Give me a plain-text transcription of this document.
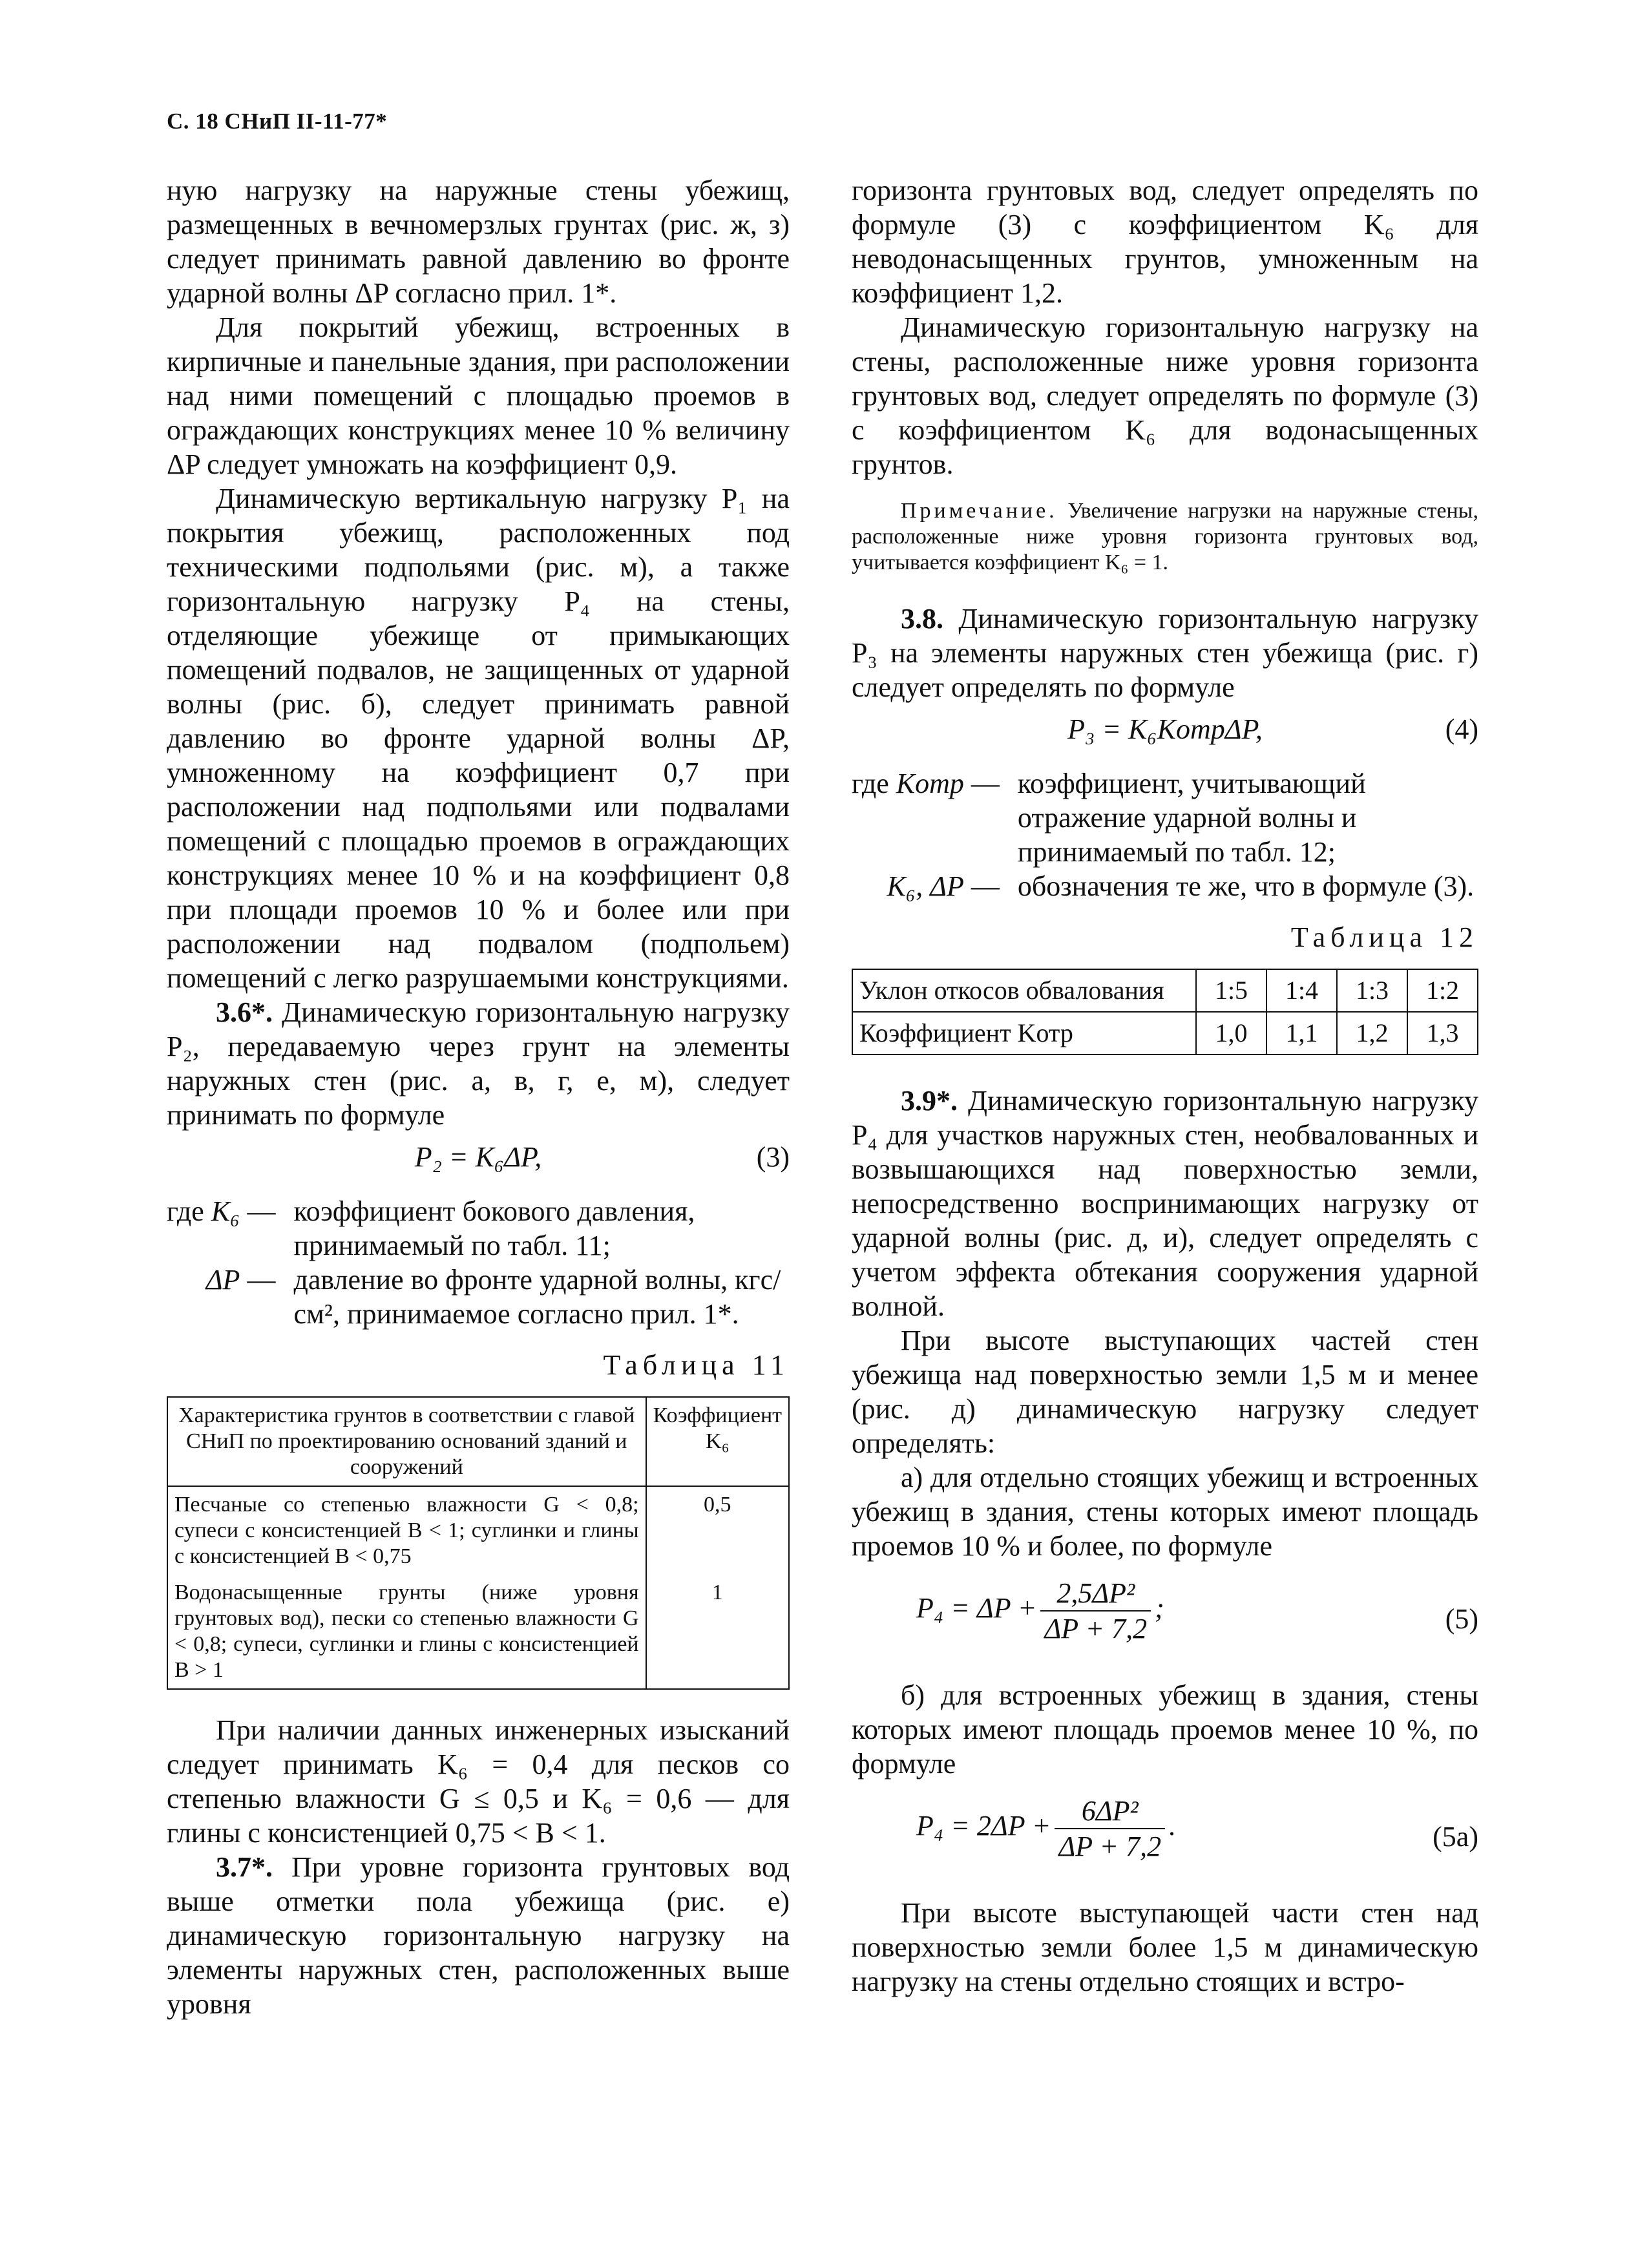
С. 18 СНиП II-11-77*

ную нагрузку на наружные стены убежищ, размещенных в вечномерзлых грунтах (рис. ж, з) следует принимать равной давлению во фронте ударной волны ΔP согласно прил. 1*.

Для покрытий убежищ, встроенных в кирпичные и панельные здания, при расположении над ними помещений с площадью проемов в ограждающих конструкциях менее 10 % величину ΔP следует умножать на коэффициент 0,9.

Динамическую вертикальную нагрузку P₁ на покрытия убежищ, расположенных под техническими подпольями (рис. м), а также горизонтальную нагрузку P₄ на стены, отделяющие убежище от примыкающих помещений подвалов, не защищенных от ударной волны (рис. б), следует принимать равной давлению во фронте ударной волны ΔP, умноженному на коэффициент 0,7 при расположении над подпольями или подвалами помещений с площадью проемов в ограждающих конструкциях менее 10 % и на коэффициент 0,8 при площади проемов 10 % и более или при расположении над подвалом (подпольем) помещений с легко разрушаемыми конструкциями.

3.6*. Динамическую горизонтальную нагрузку P₂, передаваемую через грунт на элементы наружных стен (рис. а, в, г, е, м), следует принимать по формуле

P₂ = K₆ΔP,	(3)
где K₆ — коэффициент бокового давления, принимаемый по табл. 11;
ΔP — давление во фронте ударной волны, кгс/см², принимаемое согласно прил. 1*.
Таблица 11
Характеристика грунтов в соответствии с главой СНиП по проектированию оснований зданий и сооружений	Коэффициент K₆
Песчаные со степенью влажности G < 0,8; супеси с консистенцией B < 1; суглинки и глины с консистенцией B < 0,75	0,5
Водонасыщенные грунты (ниже уровня грунтовых вод), пески со степенью влажности G < 0,8; супеси, суглинки и глины с консистенцией B > 1	1

При наличии данных инженерных изысканий следует принимать K₆ = 0,4 для песков со степенью влажности G ≤ 0,5 и K₆ = 0,6 — для глины с консистенцией 0,75 < B < 1.

3.7*. При уровне горизонта грунтовых вод выше отметки пола убежища (рис. е) динамическую горизонтальную нагрузку на элементы наружных стен, расположенных выше уровня

горизонта грунтовых вод, следует определять по формуле (3) с коэффициентом K₆ для неводонасыщенных грунтов, умноженным на коэффициент 1,2.

Динамическую горизонтальную нагрузку на стены, расположенные ниже уровня горизонта грунтовых вод, следует определять по формуле (3) с коэффициентом K₆ для водонасыщенных грунтов.

Примечание. Увеличение нагрузки на наружные стены, расположенные ниже уровня горизонта грунтовых вод, учитывается коэффициент K₆ = 1.

3.8. Динамическую горизонтальную нагрузку P₃ на элементы наружных стен убежища (рис. г) следует определять по формуле

P₃ = K₆KотрΔP,	(4)
где Kотр — коэффициент, учитывающий отражение ударной волны и принимаемый по табл. 12;
K₆, ΔP — обозначения те же, что в формуле (3).
Таблица 12
Уклон откосов обвалования	1:5	1:4	1:3	1:2
Коэффициент Kотр	1,0	1,1	1,2	1,3

3.9*. Динамическую горизонтальную нагрузку P₄ для участков наружных стен, необвалованных и возвышающихся над поверхностью земли, непосредственно воспринимающих нагрузку от ударной волны (рис. д, и), следует определять с учетом эффекта обтекания сооружения ударной волной.

При высоте выступающих частей стен убежища над поверхностью земли 1,5 м и менее (рис. д) динамическую нагрузку следует определять:

а) для отдельно стоящих убежищ и встроенных убежищ в здания, стены которых имеют площадь проемов 10 % и более, по формуле

$P_4 = \Delta P + \frac{\text{2,5ΔP²}}{\Delta P + 7,2}$ ;	(5)

б) для встроенных убежищ в здания, стены которых имеют площадь проемов менее 10 %, по формуле

$P_4 = 2\Delta P + \frac{\text{6ΔP²}}{\Delta P + 7,2}$ .	(5а)

При высоте выступающей части стен над поверхностью земли более 1,5 м динамическую нагрузку на стены отдельно стоящих и встро-
